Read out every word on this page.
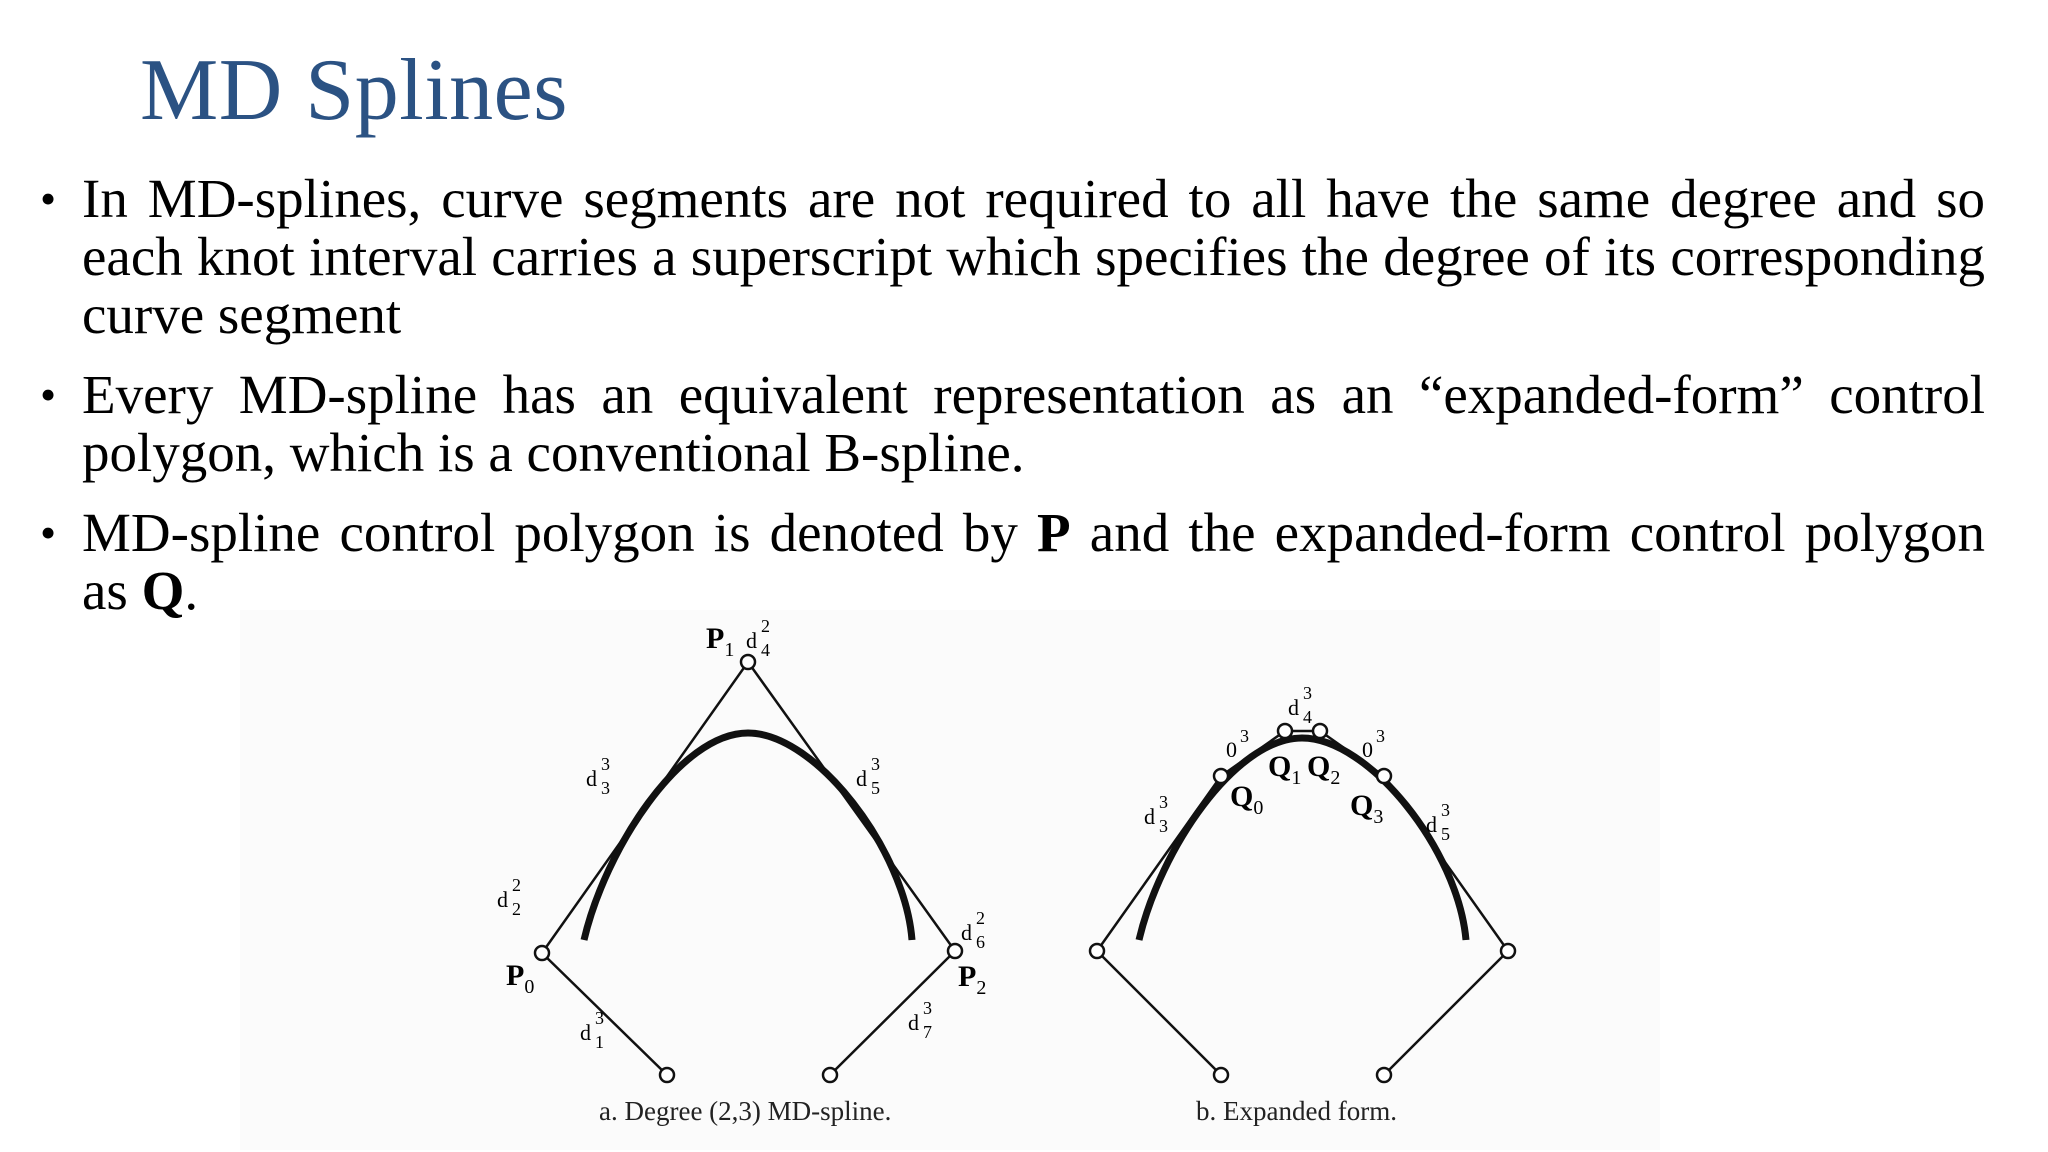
MD Splines
• In MD-splines, curve segments are not required to all have the same degree and so each knot interval carries a superscript which specifies the degree of its corresponding curve segment
• Every MD-spline has an equivalent representation as an “expanded-form” control polygon, which is a conventional B-spline.
• MD-spline control polygon is denoted by P and the expanded-form control polygon as Q.
$P_1$
$P_0$	$P_2$
d2 4
d3 3	d3 5
d2 2
d2 6
d3 1
d3 7
a. Degree (2,3) MD-spline.
$Q_0$
$Q_1$ $Q_2$
$Q_3$
d3 4
03
03
d3 3	d3 5
b. Expanded form.
